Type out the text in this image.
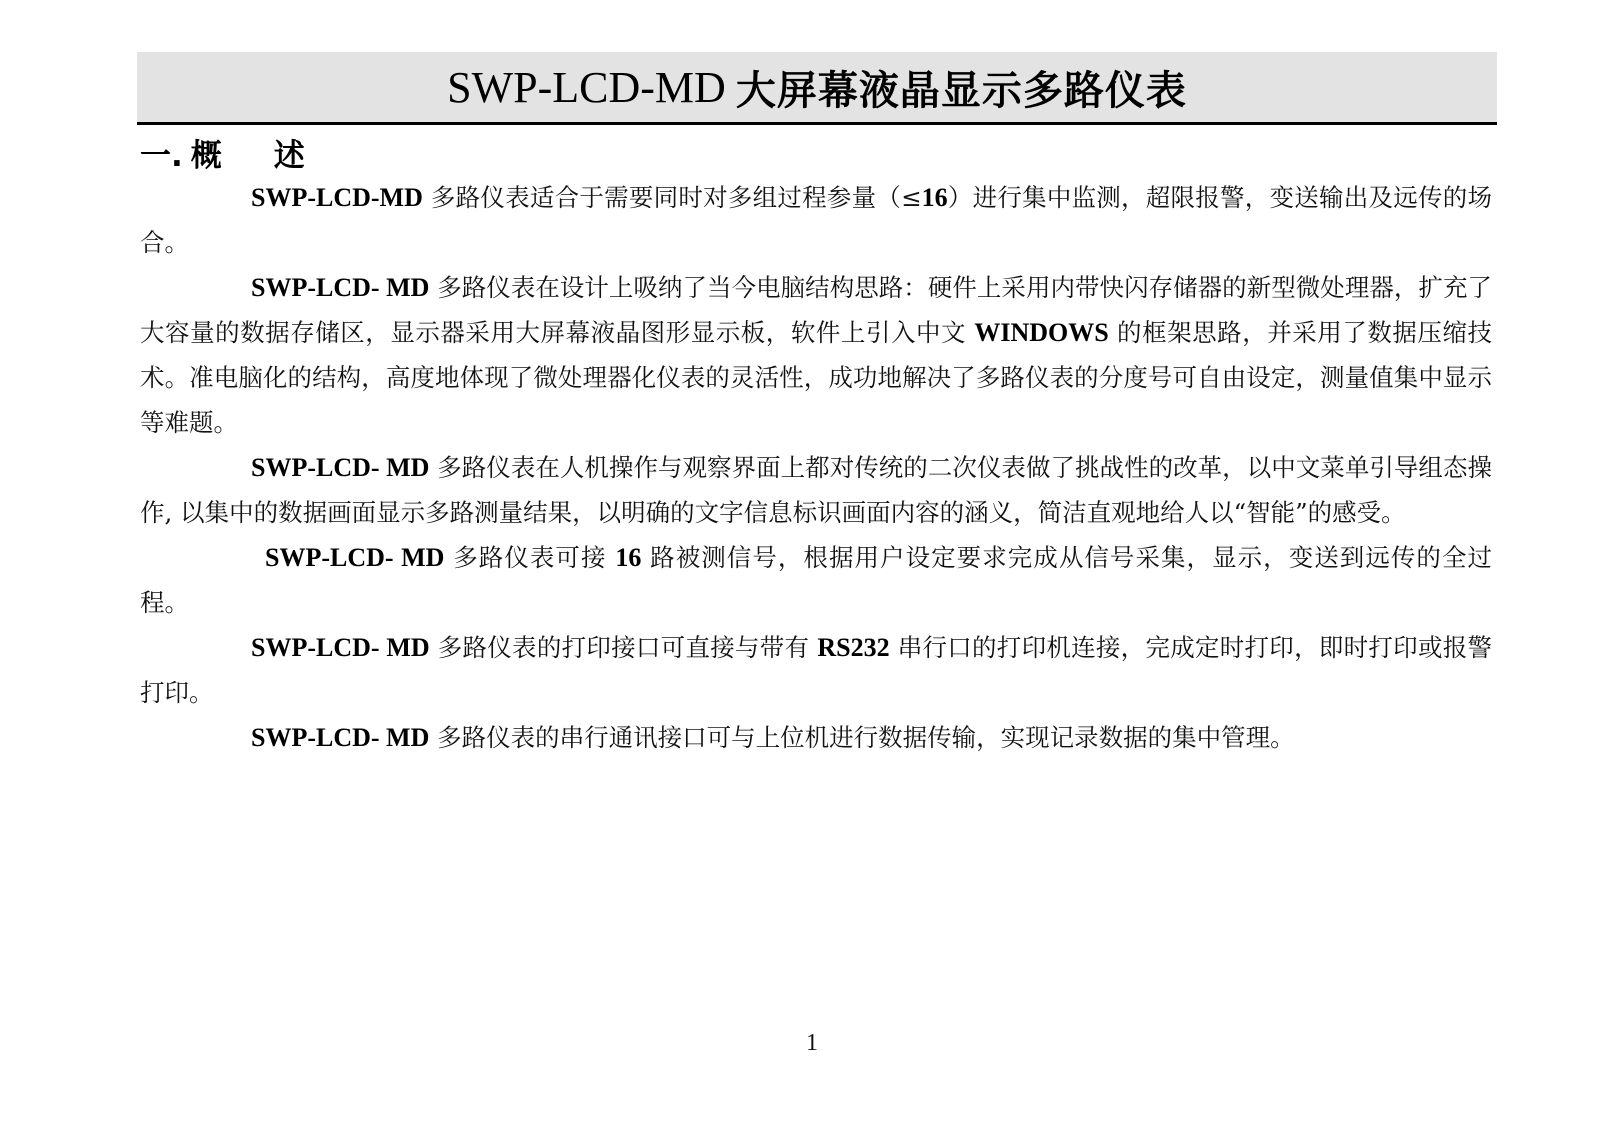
SWP-LCD-MD 大屏幕液晶显示多路仪表
一. 概 述

SWP-LCD-MD 多路仪表适合于需要同时对多组过程参量（≤16）进行集中监测，超限报警，变送输出及远传的场合。

SWP-LCD- MD 多路仪表在设计上吸纳了当今电脑结构思路：硬件上采用内带快闪存储器的新型微处理器，扩充了大容量的数据存储区，显示器采用大屏幕液晶图形显示板，软件上引入中文 WINDOWS 的框架思路，并采用了数据压缩技术。准电脑化的结构，高度地体现了微处理器化仪表的灵活性，成功地解决了多路仪表的分度号可自由设定，测量值集中显示等难题。

SWP-LCD- MD 多路仪表在人机操作与观察界面上都对传统的二次仪表做了挑战性的改革，以中文菜单引导组态操作, 以集中的数据画面显示多路测量结果，以明确的文字信息标识画面内容的涵义，简洁直观地给人以“智能”的感受。

SWP-LCD- MD 多路仪表可接 16 路被测信号，根据用户设定要求完成从信号采集，显示，变送到远传的全过程。

SWP-LCD- MD 多路仪表的打印接口可直接与带有 RS232 串行口的打印机连接，完成定时打印，即时打印或报警打印。

SWP-LCD- MD 多路仪表的串行通讯接口可与上位机进行数据传输，实现记录数据的集中管理。

1
